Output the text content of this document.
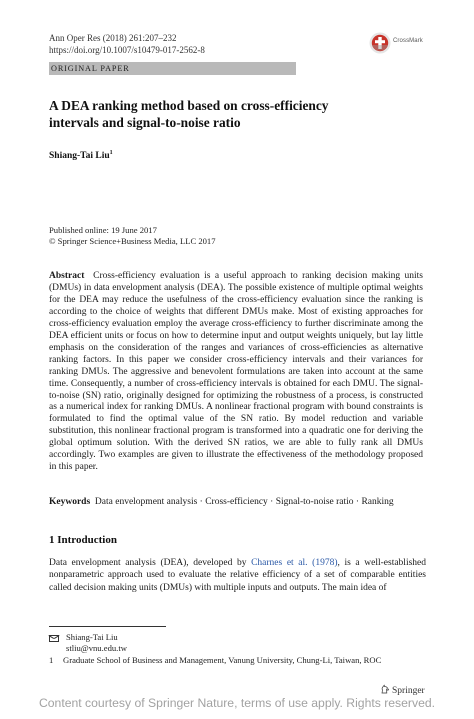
Ann Oper Res (2018) 261:207–232
https://doi.org/10.1007/s10479-017-2562-8
CrossMark
ORIGINAL PAPER
A DEA ranking method based on cross-efficiency
intervals and signal-to-noise ratio
Shiang-Tai Liu$^1$
Published online: 19 June 2017
© Springer Science+Business Media, LLC 2017
Abstract Cross-efficiency evaluation is a useful approach to ranking decision making units (DMUs) in data envelopment analysis (DEA). The possible existence of multiple optimal weights for the DEA may reduce the usefulness of the cross-efficiency evaluation since the ranking is according to the choice of weights that different DMUs make. Most of existing approaches for cross-efficiency evaluation employ the average cross-efficiency to further discriminate among the DEA efficient units or focus on how to determine input and output weights uniquely, but lay little emphasis on the consideration of the ranges and variances of cross-efficiencies as alternative ranking factors. In this paper we consider cross-efficiency intervals and their variances for ranking DMUs. The aggressive and benevolent formulations are taken into account at the same time. Consequently, a number of cross-efficiency intervals is obtained for each DMU. The signal-to-noise (SN) ratio, originally designed for optimizing the robustness of a process, is constructed as a numerical index for ranking DMUs. A nonlinear fractional program with bound constraints is formulated to find the optimal value of the SN ratio. By model reduction and variable substitution, this nonlinear fractional program is transformed into a quadratic one for deriving the global optimum solution. With the derived SN ratios, we are able to fully rank all DMUs accordingly. Two examples are given to illustrate the effectiveness of the methodology proposed in this paper.
Keywords Data envelopment analysis · Cross-efficiency · Signal-to-noise ratio · Ranking
1 Introduction
Data envelopment analysis (DEA), developed by Charnes et al. (1978), is a well-established nonparametric approach used to evaluate the relative efficiency of a set of comparable entities called decision making units (DMUs) with multiple inputs and outputs. The main idea of
Shiang-Tai Liu
stliu@vnu.edu.tw
1 Graduate School of Business and Management, Vanung University, Chung-Li, Taiwan, ROC
Springer
Content courtesy of Springer Nature, terms of use apply. Rights reserved.
